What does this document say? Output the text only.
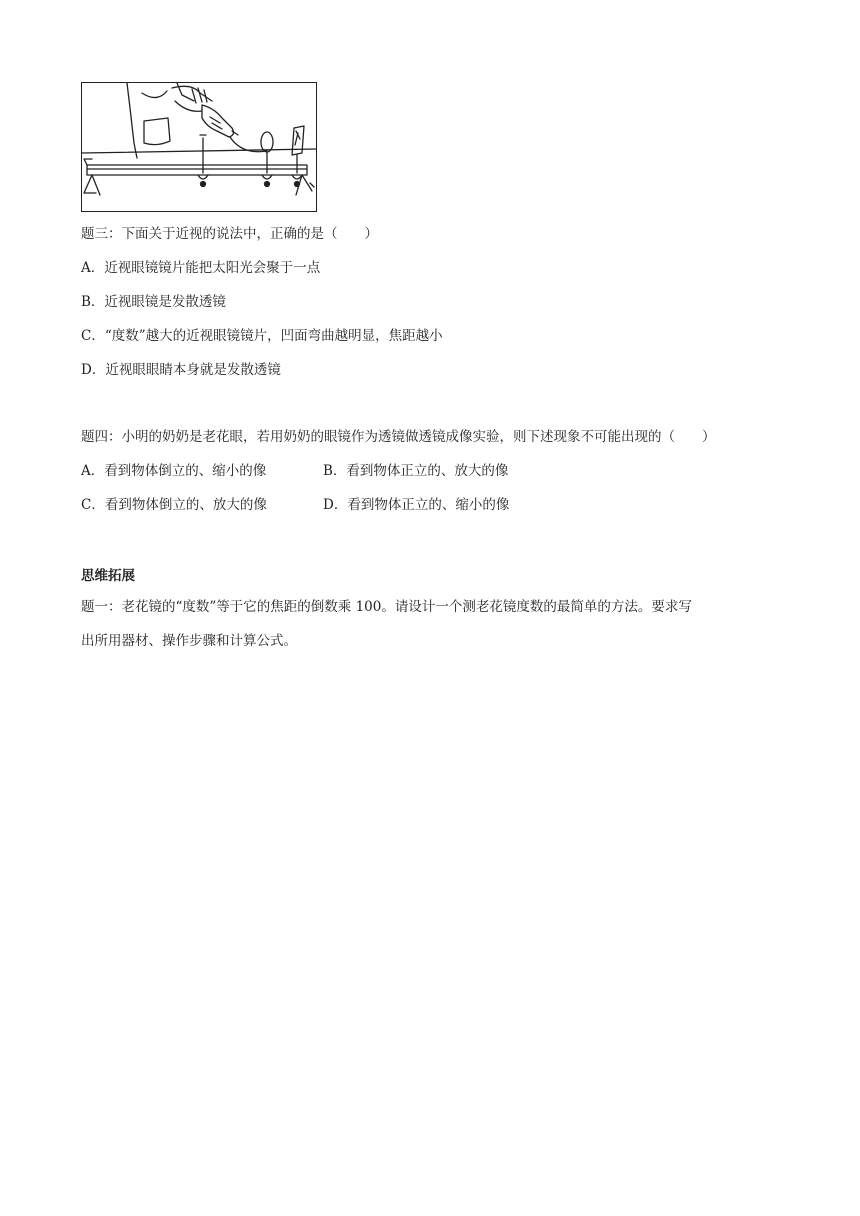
题三：下面关于近视的说法中，正确的是（　　）
A．近视眼镜镜片能把太阳光会聚于一点
B．近视眼镜是发散透镜
C．“度数”越大的近视眼镜镜片，凹面弯曲越明显，焦距越小
D．近视眼眼睛本身就是发散透镜
题四：小明的奶奶是老花眼，若用奶奶的眼镜作为透镜做透镜成像实验，则下述现象不可能出现的（　　）
A．看到物体倒立的、缩小的像	B．看到物体正立的、放大的像
C．看到物体倒立的、放大的像	D．看到物体正立的、缩小的像
思维拓展
题一：老花镜的“度数”等于它的焦距的倒数乘 100。请设计一个测老花镜度数的最简单的方法。要求写
出所用器材、操作步骤和计算公式。
